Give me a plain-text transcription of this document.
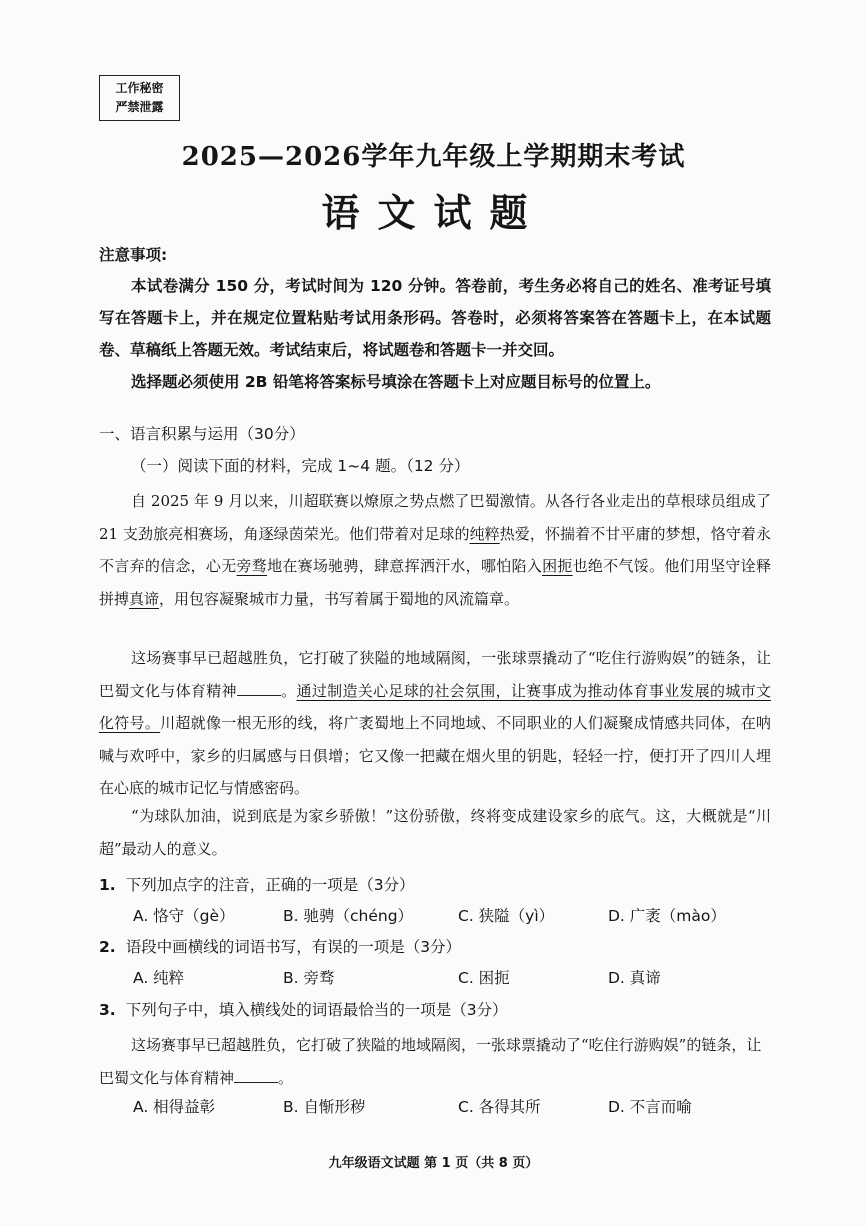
工作秘密
严禁泄露
2025—2026学年九年级上学期期末考试
语文试题
注意事项:
本试卷满分 150 分，考试时间为 120 分钟。答卷前，考生务必将自己的姓名、准考证号填写在答题卡上，并在规定位置粘贴考试用条形码。答卷时，必须将答案答在答题卡上，在本试题卷、草稿纸上答题无效。考试结束后，将试题卷和答题卡一并交回。
选择题必须使用 2B 铅笔将答案标号填涂在答题卡上对应题目标号的位置上。
一、语言积累与运用（30分）
（一）阅读下面的材料，完成 1~4 题。（12 分）
自 2025 年 9 月以来，川超联赛以燎原之势点燃了巴蜀激情。从各行各业走出的草根球员组成了 21 支劲旅亮相赛场，角逐绿茵荣光。他们带着对足球的纯粹热爱，怀揣着不甘平庸的梦想，恪守着永不言弃的信念，心无旁骛地在赛场驰骋，肆意挥洒汗水，哪怕陷入困扼也绝不气馁。他们用坚守诠释拼搏真谛，用包容凝聚城市力量，书写着属于蜀地的风流篇章。
这场赛事早已超越胜负，它打破了狭隘的地域隔阂，一张球票撬动了“吃住行游购娱”的链条，让巴蜀文化与体育精神	。通过制造关心足球的社会氛围，让赛事成为推动体育事业发展的城市文化符号。川超就像一根无形的线，将广袤蜀地上不同地域、不同职业的人们凝聚成情感共同体，在呐喊与欢呼中，家乡的归属感与日俱增；它又像一把藏在烟火里的钥匙，轻轻一拧，便打开了四川人埋在心底的城市记忆与情感密码。
“为球队加油，说到底是为家乡骄傲！”这份骄傲，终将变成建设家乡的底气。这，大概就是“川超”最动人的意义。
1. 下列加点字的注音，正确的一项是（3分）
A. 恪守（gè）	B. 驰骋（chéng）	C. 狭隘（yì）	D. 广袤（mào）
2. 语段中画横线的词语书写，有误的一项是（3分）
A. 纯粹	B. 旁骛	C. 困扼	D. 真谛
3. 下列句子中，填入横线处的词语最恰当的一项是（3分）
这场赛事早已超越胜负，它打破了狭隘的地域隔阂，一张球票撬动了“吃住行游购娱”的链条，让巴蜀文化与体育精神	。
A. 相得益彰	B. 自惭形秽	C. 各得其所	D. 不言而喻
九年级语文试题 第 1 页（共 8 页）
